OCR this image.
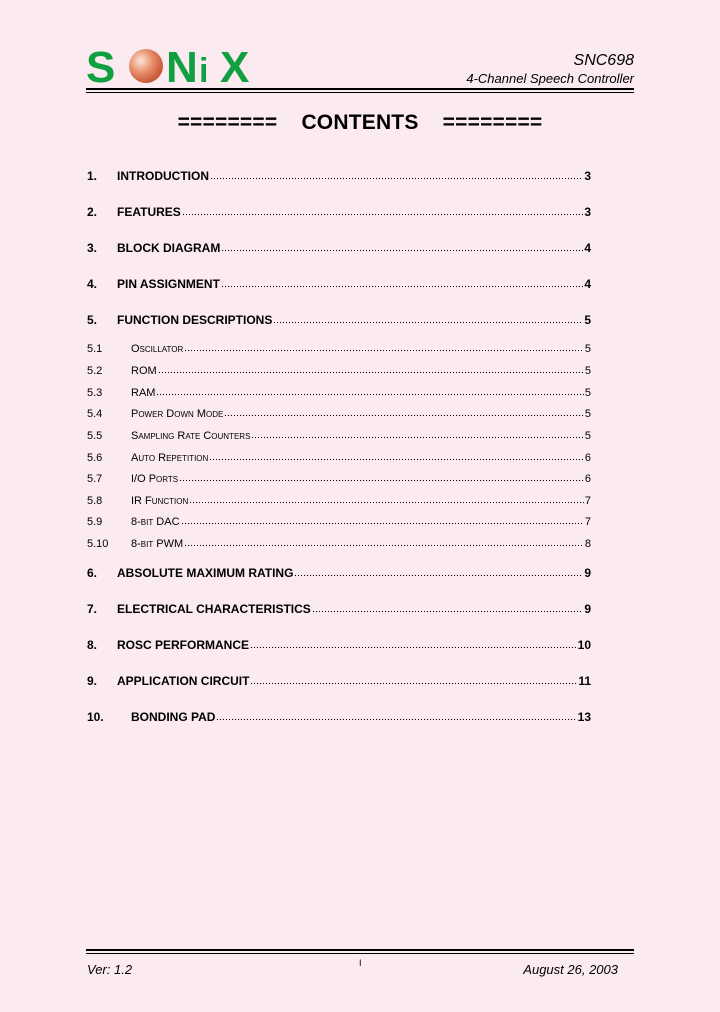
S N i X	SNC698
4-Channel Speech Controller
========    CONTENTS    ========
1.	INTRODUCTION	3
2.	FEATURES	3
3.	BLOCK DIAGRAM	4
4.	PIN ASSIGNMENT	4
5.	FUNCTION DESCRIPTIONS	5
5.1	Oscillator	5
5.2	ROM	5
5.3	RAM	5
5.4	Power Down Mode	5
5.5	Sampling Rate Counters	5
5.6	Auto Repetition	6
5.7	I/O Ports	6
5.8	IR Function	7
5.9	8-bit DAC	7
5.10	8-bit PWM	8
6.	ABSOLUTE MAXIMUM RATING	9
7.	ELECTRICAL CHARACTERISTICS	9
8.	ROSC PERFORMANCE	10
9.	APPLICATION CIRCUIT	11
10.	BONDING PAD	13
Ver: 1.2	I	August 26, 2003
